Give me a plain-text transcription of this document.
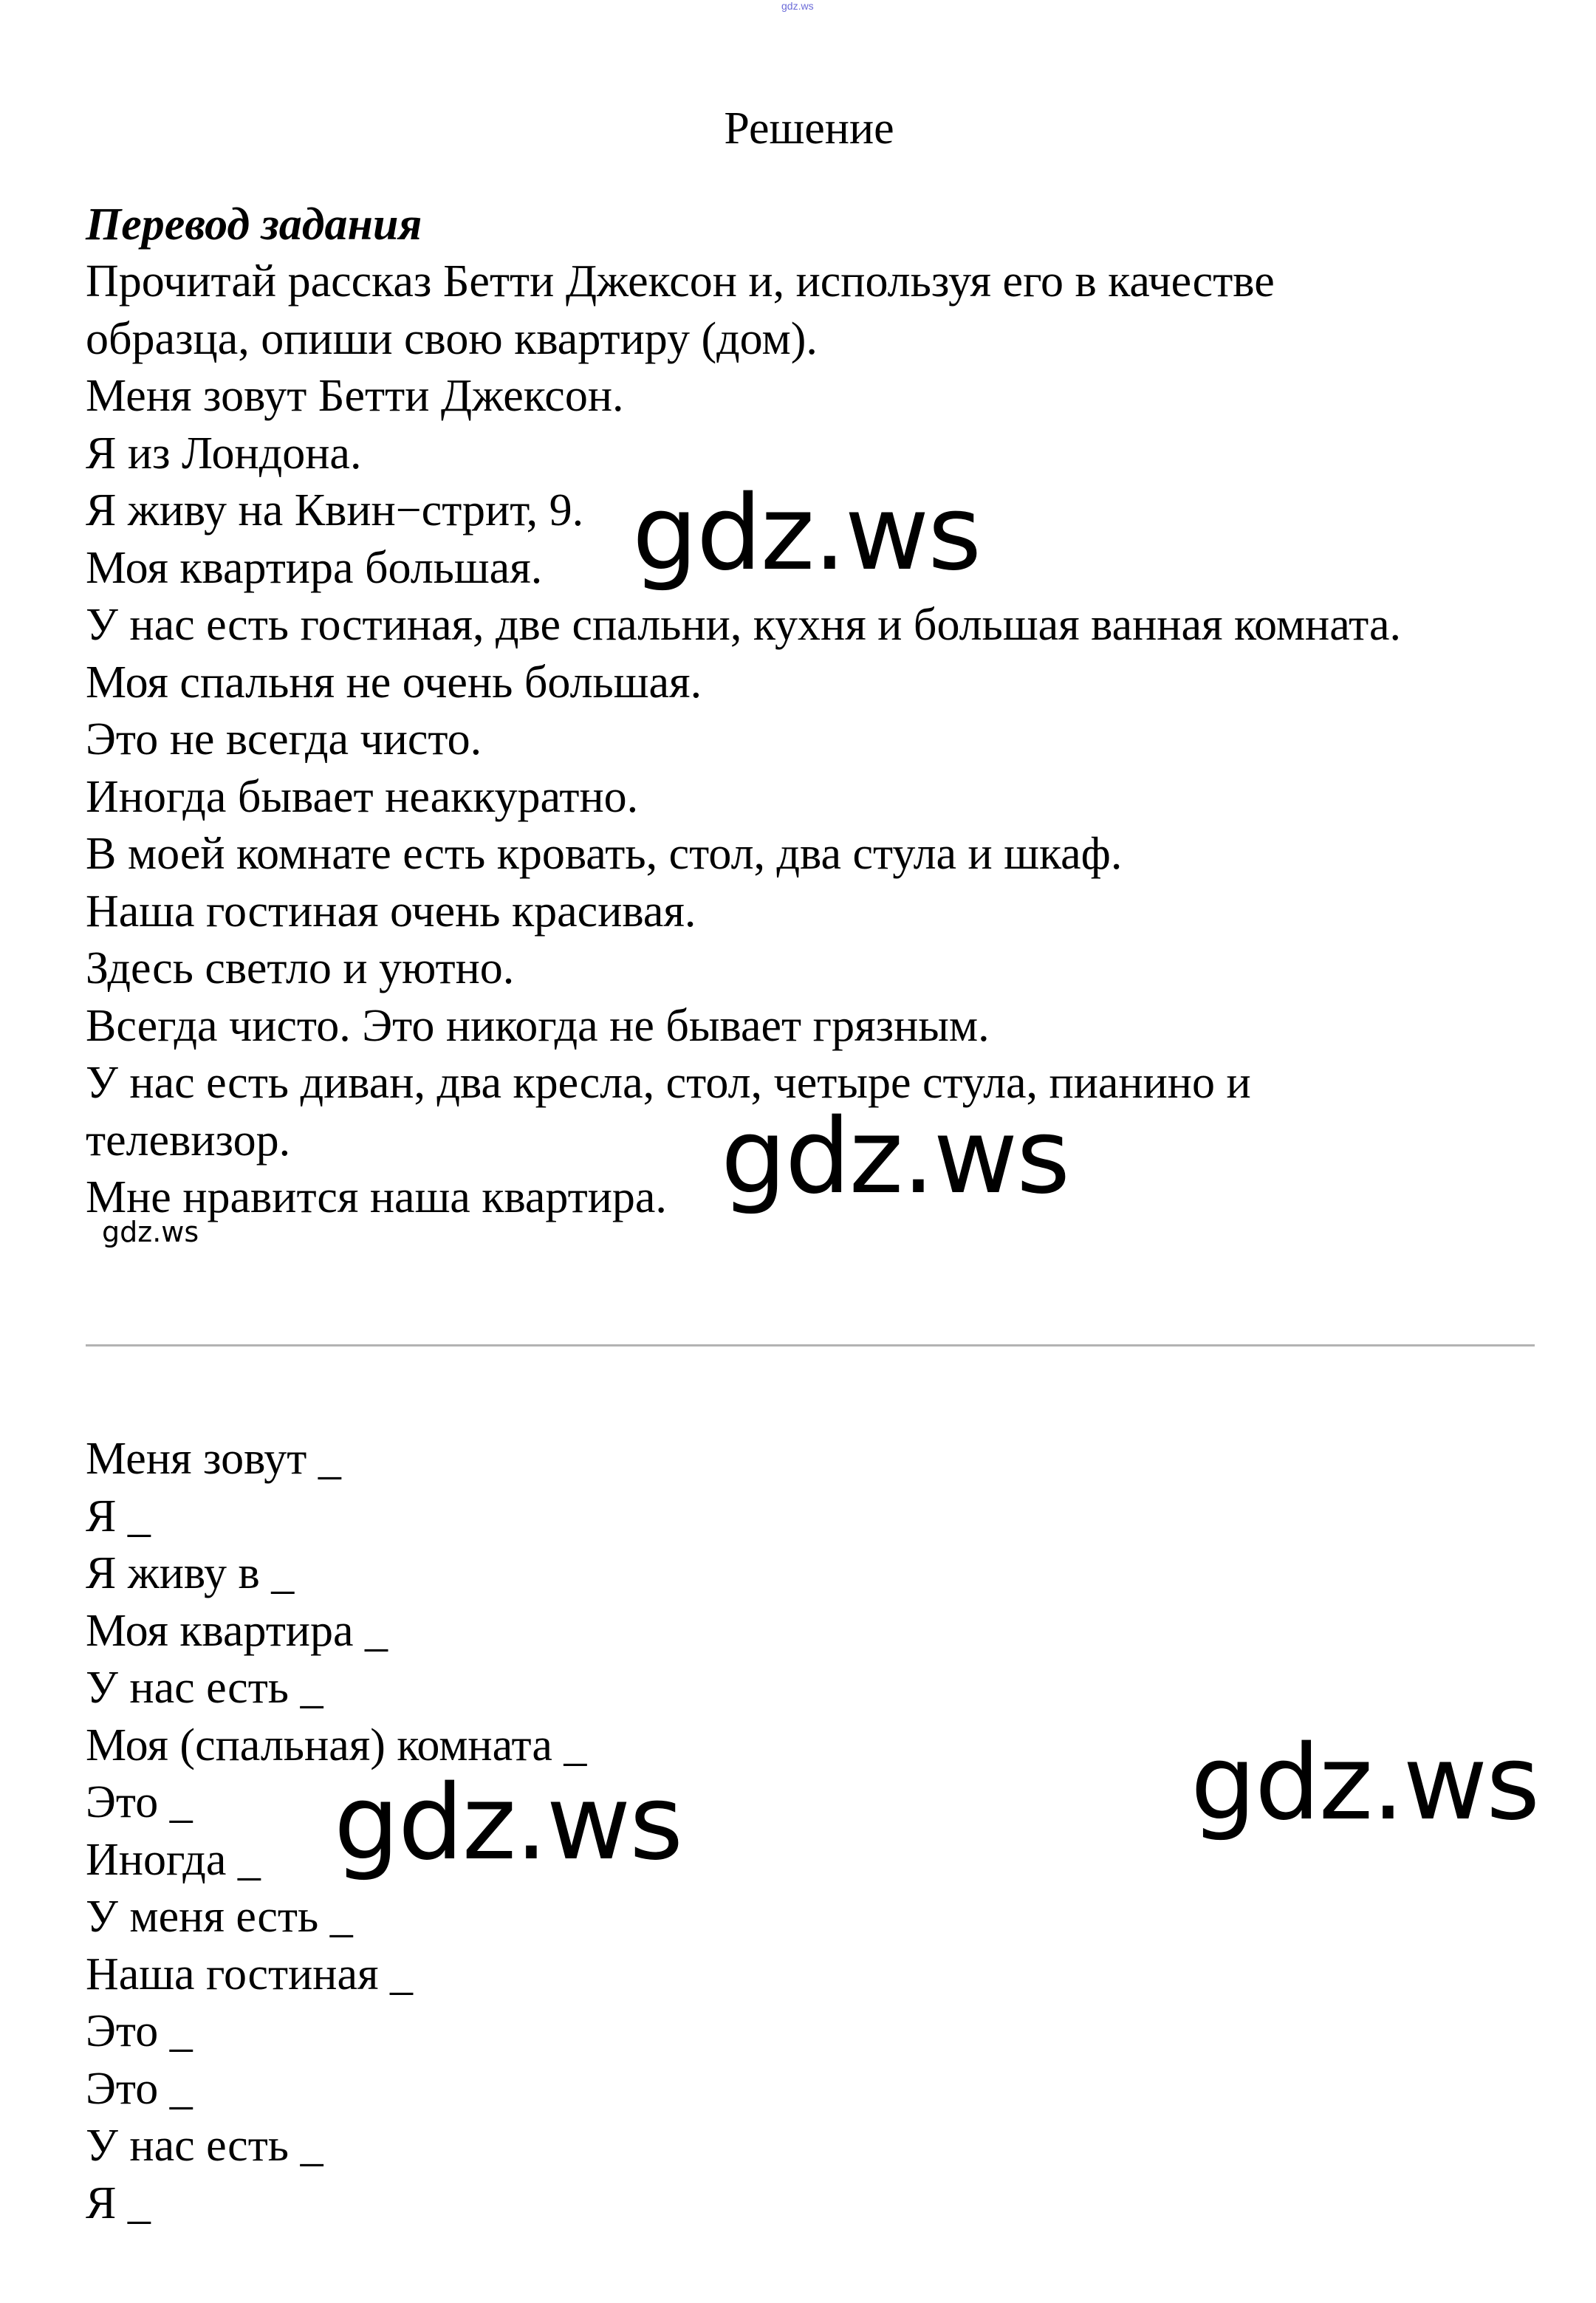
gdz.ws
Решение
Перевод задания
Прочитай рассказ Бетти Джексон и, используя его в качестве
образца, опиши свою квартиру (дом).
Меня зовут Бетти Джексон.
Я из Лондона.
Я живу на Квин−стрит, 9.
Моя квартира большая.
У нас есть гостиная, две спальни, кухня и большая ванная комната.
Моя спальня не очень большая.
Это не всегда чисто.
Иногда бывает неаккуратно.
В моей комнате есть кровать, стол, два стула и шкаф.
Наша гостиная очень красивая.
Здесь светло и уютно.
Всегда чисто. Это никогда не бывает грязным.
У нас есть диван, два кресла, стол, четыре стула, пианино и
телевизор.
Мне нравится наша квартира.
Меня зовут _
Я _
Я живу в _
Моя квартира _
У нас есть _
Моя (спальная) комната _
Это _
Иногда _
У меня есть _
Наша гостиная _
Это _
Это _
У нас есть _
Я _
gdz.ws
gdz.ws
gdz.ws
gdz.ws
gdz.ws
